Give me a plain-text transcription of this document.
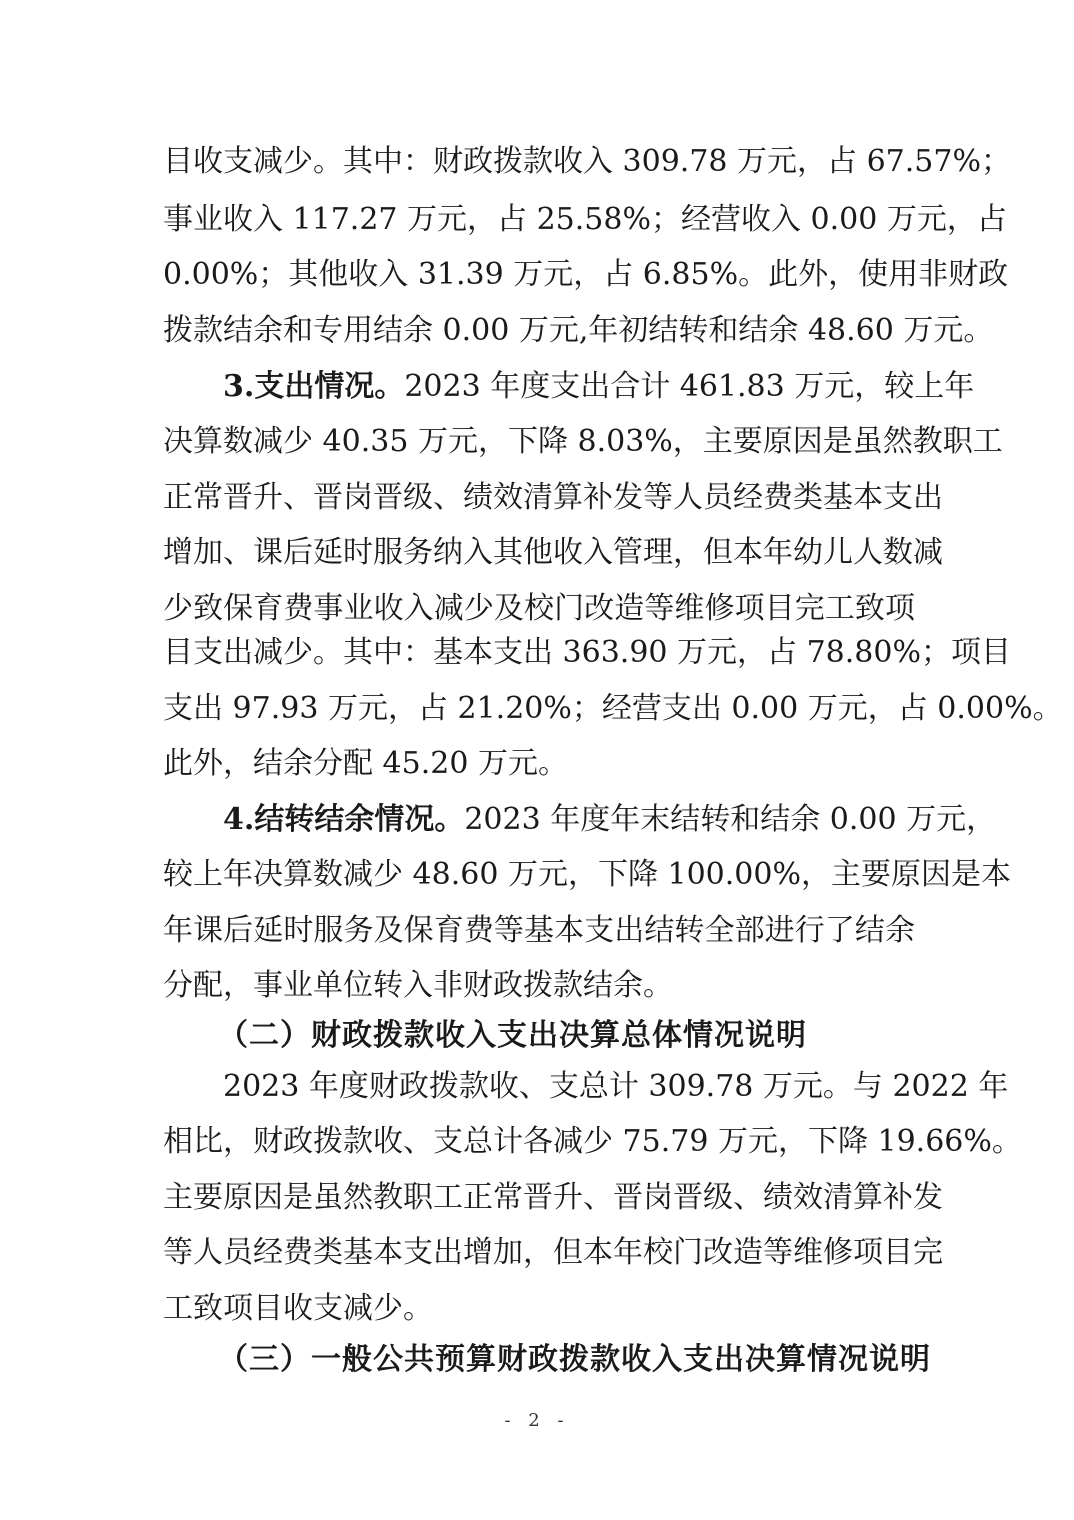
目收支减少。其中：财政拨款收入 309.78 万元，占 67.57%；
事业收入 117.27 万元，占 25.58%；经营收入 0.00 万元，占
0.00%；其他收入 31.39 万元，占 6.85%。此外，使用非财政
拨款结余和专用结余 0.00 万元,年初结转和结余 48.60 万元。
3.支出情况。2023 年度支出合计 461.83 万元，较上年
决算数减少 40.35 万元，下降 8.03%，主要原因是虽然教职工
正常晋升、晋岗晋级、绩效清算补发等人员经费类基本支出
增加、课后延时服务纳入其他收入管理，但本年幼儿人数减
少致保育费事业收入减少及校门改造等维修项目完工致项
目支出减少。其中：基本支出 363.90 万元，占 78.80%；项目
支出 97.93 万元，占 21.20%；经营支出 0.00 万元，占 0.00%。
此外，结余分配 45.20 万元。
4.结转结余情况。2023 年度年末结转和结余 0.00 万元，
较上年决算数减少 48.60 万元，下降 100.00%，主要原因是本
年课后延时服务及保育费等基本支出结转全部进行了结余
分配，事业单位转入非财政拨款结余。
（二）财政拨款收入支出决算总体情况说明
2023 年度财政拨款收、支总计 309.78 万元。与 2022 年
相比，财政拨款收、支总计各减少 75.79 万元，下降 19.66%。
主要原因是虽然教职工正常晋升、晋岗晋级、绩效清算补发
等人员经费类基本支出增加，但本年校门改造等维修项目完
工致项目收支减少。
（三）一般公共预算财政拨款收入支出决算情况说明
- 2 -
